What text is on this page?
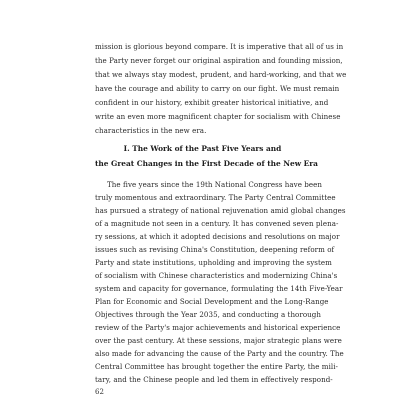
mission is glorious beyond compare. It is imperative that all of us in
the Party never forget our original aspiration and founding mission,
that we always stay modest, prudent, and hard-working, and that we
have the courage and ability to carry on our fight. We must remain
confident in our history, exhibit greater historical initiative, and
write an even more magnificent chapter for socialism with Chinese
characteristics in the new era.
I. The Work of the Past Five Years and
the Great Changes in the First Decade of the New Era
The five years since the 19th National Congress have been
truly momentous and extraordinary. The Party Central Committee
has pursued a strategy of national rejuvenation amid global changes
of a magnitude not seen in a century. It has convened seven plena-
ry sessions, at which it adopted decisions and resolutions on major
issues such as revising China's Constitution, deepening reform of
Party and state institutions, upholding and improving the system
of socialism with Chinese characteristics and modernizing China's
system and capacity for governance, formulating the 14th Five-Year
Plan for Economic and Social Development and the Long-Range
Objectives through the Year 2035, and conducting a thorough
review of the Party's major achievements and historical experience
over the past century. At these sessions, major strategic plans were
also made for advancing the cause of the Party and the country. The
Central Committee has brought together the entire Party, the mili-
tary, and the Chinese people and led them in effectively respond-
62
